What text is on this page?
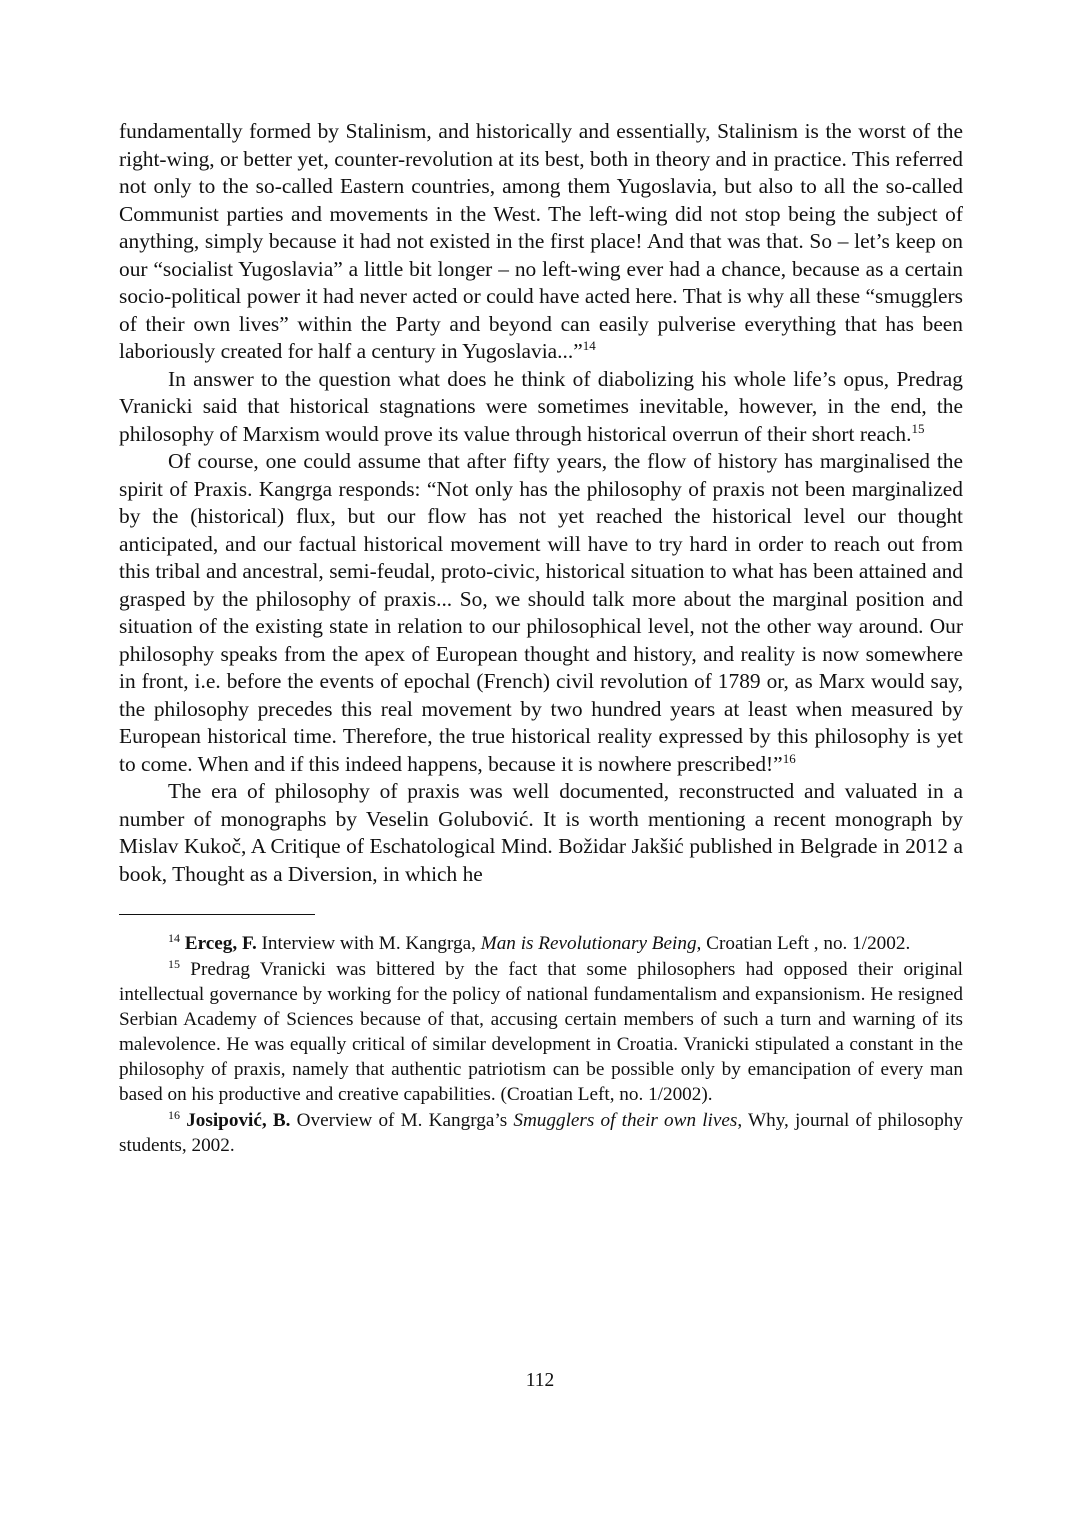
fundamentally formed by Stalinism, and historically and essentially, Stalinism is the worst of the right-wing, or better yet, counter-revolution at its best, both in theory and in practice. This referred not only to the so-called Eastern countries, among them Yugoslavia, but also to all the so-called Communist parties and movements in the West. The left-wing did not stop being the subject of anything, simply because it had not existed in the first place! And that was that. So – let’s keep on our “socialist Yugoslavia” a little bit longer – no left-wing ever had a chance, because as a certain socio-political power it had never acted or could have acted here. That is why all these “smugglers of their own lives” within the Party and beyond can easily pulverise everything that has been laboriously created for half a century in Yugoslavia...”$^{14}$

In answer to the question what does he think of diabolizing his whole life’s opus, Predrag Vranicki said that historical stagnations were sometimes inevitable, however, in the end, the philosophy of Marxism would prove its value through historical overrun of their short reach.$^{15}$

Of course, one could assume that after fifty years, the flow of history has marginalised the spirit of Praxis. Kangrga responds: “Not only has the philosophy of praxis not been marginalized by the (historical) flux, but our flow has not yet reached the historical level our thought anticipated, and our factual historical movement will have to try hard in order to reach out from this tribal and ancestral, semi-feudal, proto-civic, historical situation to what has been attained and grasped by the philosophy of praxis... So, we should talk more about the marginal position and situation of the existing state in relation to our philosophical level, not the other way around. Our philosophy speaks from the apex of European thought and history, and reality is now somewhere in front, i.e. before the events of epochal (French) civil revolution of 1789 or, as Marx would say, the philosophy precedes this real movement by two hundred years at least when measured by European historical time. Therefore, the true historical reality expressed by this philosophy is yet to come. When and if this indeed happens, because it is nowhere prescribed!”$^{16}$

The era of philosophy of praxis was well documented, reconstructed and valuated in a number of monographs by Veselin Golubović. It is worth mentioning a recent monograph by Mislav Kukoč, A Critique of Eschatological Mind. Božidar Jakšić published in Belgrade in 2012 a book, Thought as a Diversion, in which he

$^{14}$ Erceg, F. Interview with M. Kangrga, Man is Revolutionary Being, Croatian Left , no. 1/2002.

$^{15}$ Predrag Vranicki was bittered by the fact that some philosophers had opposed their original intellectual governance by working for the policy of national fundamentalism and expansionism. He resigned Serbian Academy of Sciences because of that, accusing certain members of such a turn and warning of its malevolence. He was equally critical of similar development in Croatia. Vranicki stipulated a constant in the philosophy of praxis, namely that authentic patriotism can be possible only by emancipation of every man based on his productive and creative capabilities. (Croatian Left, no. 1/2002).

$^{16}$ Josipović, B. Overview of M. Kangrga’s Smugglers of their own lives, Why, journal of philosophy students, 2002.

112
